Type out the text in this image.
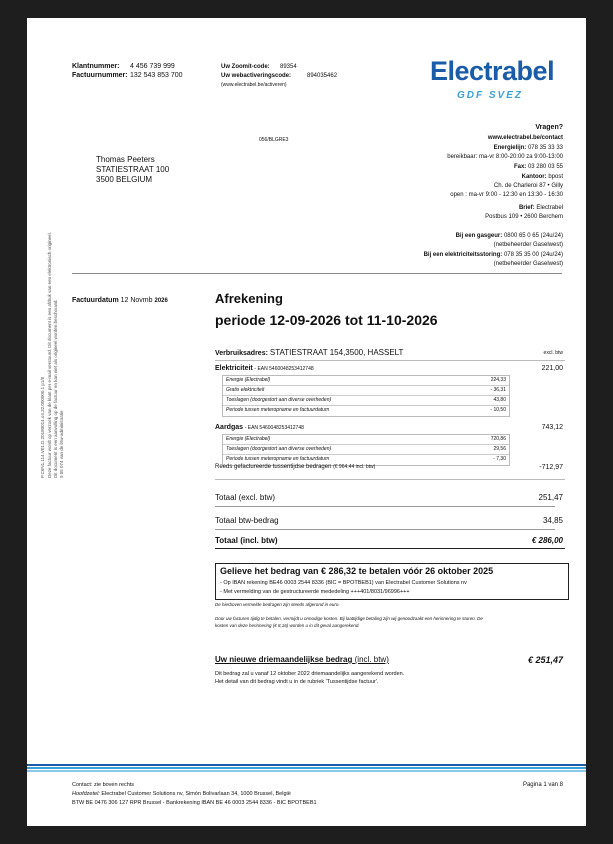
Klantnummer: 4 456 739 999
Factuurnummer: 132 543 853 700
Uw Zoomit-code: 89354
Uw webactiveringscode:	894035462
(www.electrabel.be/activeren)	Electrabel
GDF SVEZ
Vragen?
www.electrabel.be/contact
Energielijn: 078 35 33 33
bereikbaar: ma-vr 8:00-20:00 za 9:00-13:00
Fax: 03 280 03 55
Kantoor: bpost
Ch. de Charleroi 87 • Gilly
open : ma-vr 9:00 - 12:30 en 13:30 - 16:30
Brief: Electrabel
Postbus 109 • 2600 Berchem
Bij een gasgeur: 0800 65 0 65 (24u/24)
(netbeheerder Gaselwest)
Bij een elektriciteitsstoring: 078 35 35 00 (24u/24)
(netbeheerder Gaselwest)
056/BLGRE3
Thomas Peeters
STATIESTRAAT 100
3500 BELGIUM
P.C6N1.114.V01.D.20180014.o4.32.000000.1 p1/8 Deze factuur wordt op verzoek van de klant per e-mail verstuurd. Dit document is een afdruk van een elektronisch origineel. Dit document is een aanvulling op de factuur en kan niet als origineel worden beschouwd. 9 05 074 van de btw-administratie
Factuurdatum 12 Novmb 2026	Afrekening
periode 12-09-2026 tot 11-10-2026
Verbruiksadres: STATIESTRAAT 154,3500, HASSELT	excl. btw
Elektriciteit - EAN 5460048253412748	221,00
Energie (Electrabel)	224,33
Gratis elektriciteit	- 36,31
Toeslagen (doorgestort aan diverse overheden)	43,80
Periode tussen meteropname en factuurdatum	- 10,50
Aardgas - EAN 5460048253412748	743,12
Energie (Electrabel)	720,86
Toeslagen (doorgestort aan diverse overheden)	29,56
Periode tussen meteropname en factuurdatum	- 7,30
Reeds gefactureerde tussentijdse bedragen (€ 964.44 incl. btw)	-712,97
Totaal (excl. btw)	251,47
Totaal btw-bedrag	34,85
Totaal (incl. btw)	€ 286,00
Gelieve het bedrag van € 286,32 te betalen vóór 26 oktober 2025
- Op IBAN rekening BE46 0003 2544 8336 (BIC = BPOTBEB1) van Electrabel Customer Solutions nv
- Met vermelding van de gestructureerde mededeling +++401/8031/96996+++
De hierboven vermelde bedragen zijn steeds afgerond in euro.
Door uw facturen tijdig te betalen, vermijdt u onnodige kosten. Bij laattijdige betaling zijn wij genoodzaakt een herinnering te sturen. De
kosten van deze herinnering (€ 8,16) worden u in dit geval aangerekend.
Uw nieuwe driemaandelijkse bedrag (incl. btw)	€ 251,47
Dit bedrag zal u vanaf 12 oktober 2022 driemaandelijks aangerekend worden.
Het detail van dit bedrag vindt u in de rubriek 'Tussentijdse factuur'.
Contact: zie boven rechts
Hoofdzetel: Electrabel Customer Solutions nv, Simón Bolivarlaan 34, 1000 Brussel, België
BTW BE 0476 306 127 RPR Brussel - Bankrekening IBAN BE 46 0003 2544 8336 - BIC BPOTBEB1
Pagina 1 van 8
